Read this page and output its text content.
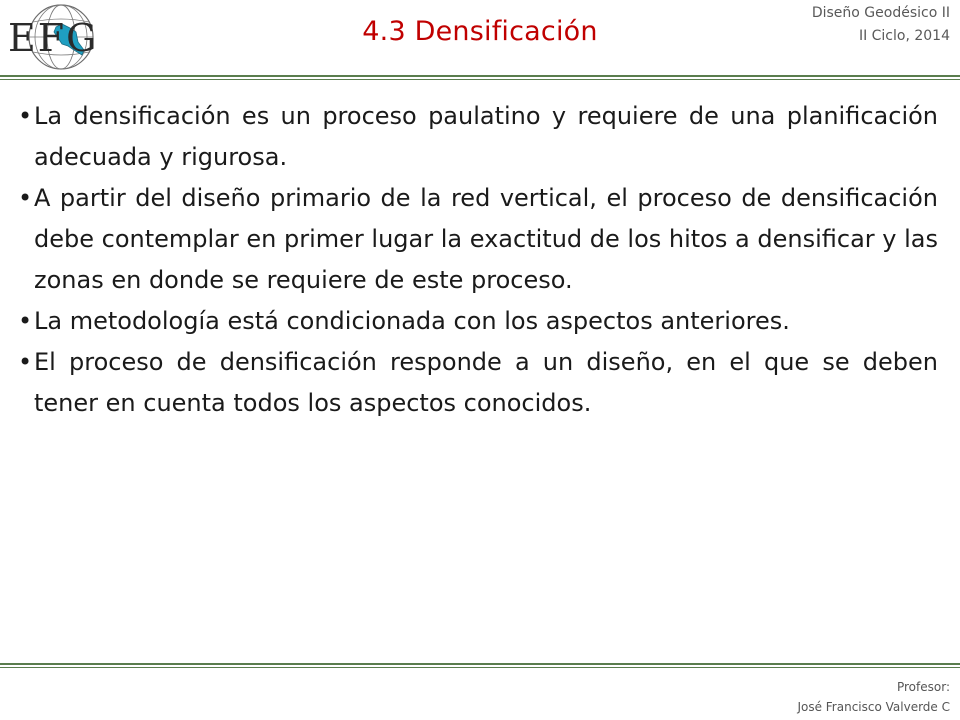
EFG	4.3 Densificación
Diseño Geodésico II
II Ciclo, 2014
• La densificación es un proceso paulatino y requiere de una planificación adecuada y rigurosa.
• A partir del diseño primario de la red vertical, el proceso de densificación debe contemplar en primer lugar la exactitud de los hitos a densificar y las zonas en donde se requiere de este proceso.
• La metodología está condicionada con los aspectos anteriores.
• El proceso de densificación responde a un diseño, en el que se deben tener en cuenta todos los aspectos conocidos.
Profesor:
José Francisco Valverde C
